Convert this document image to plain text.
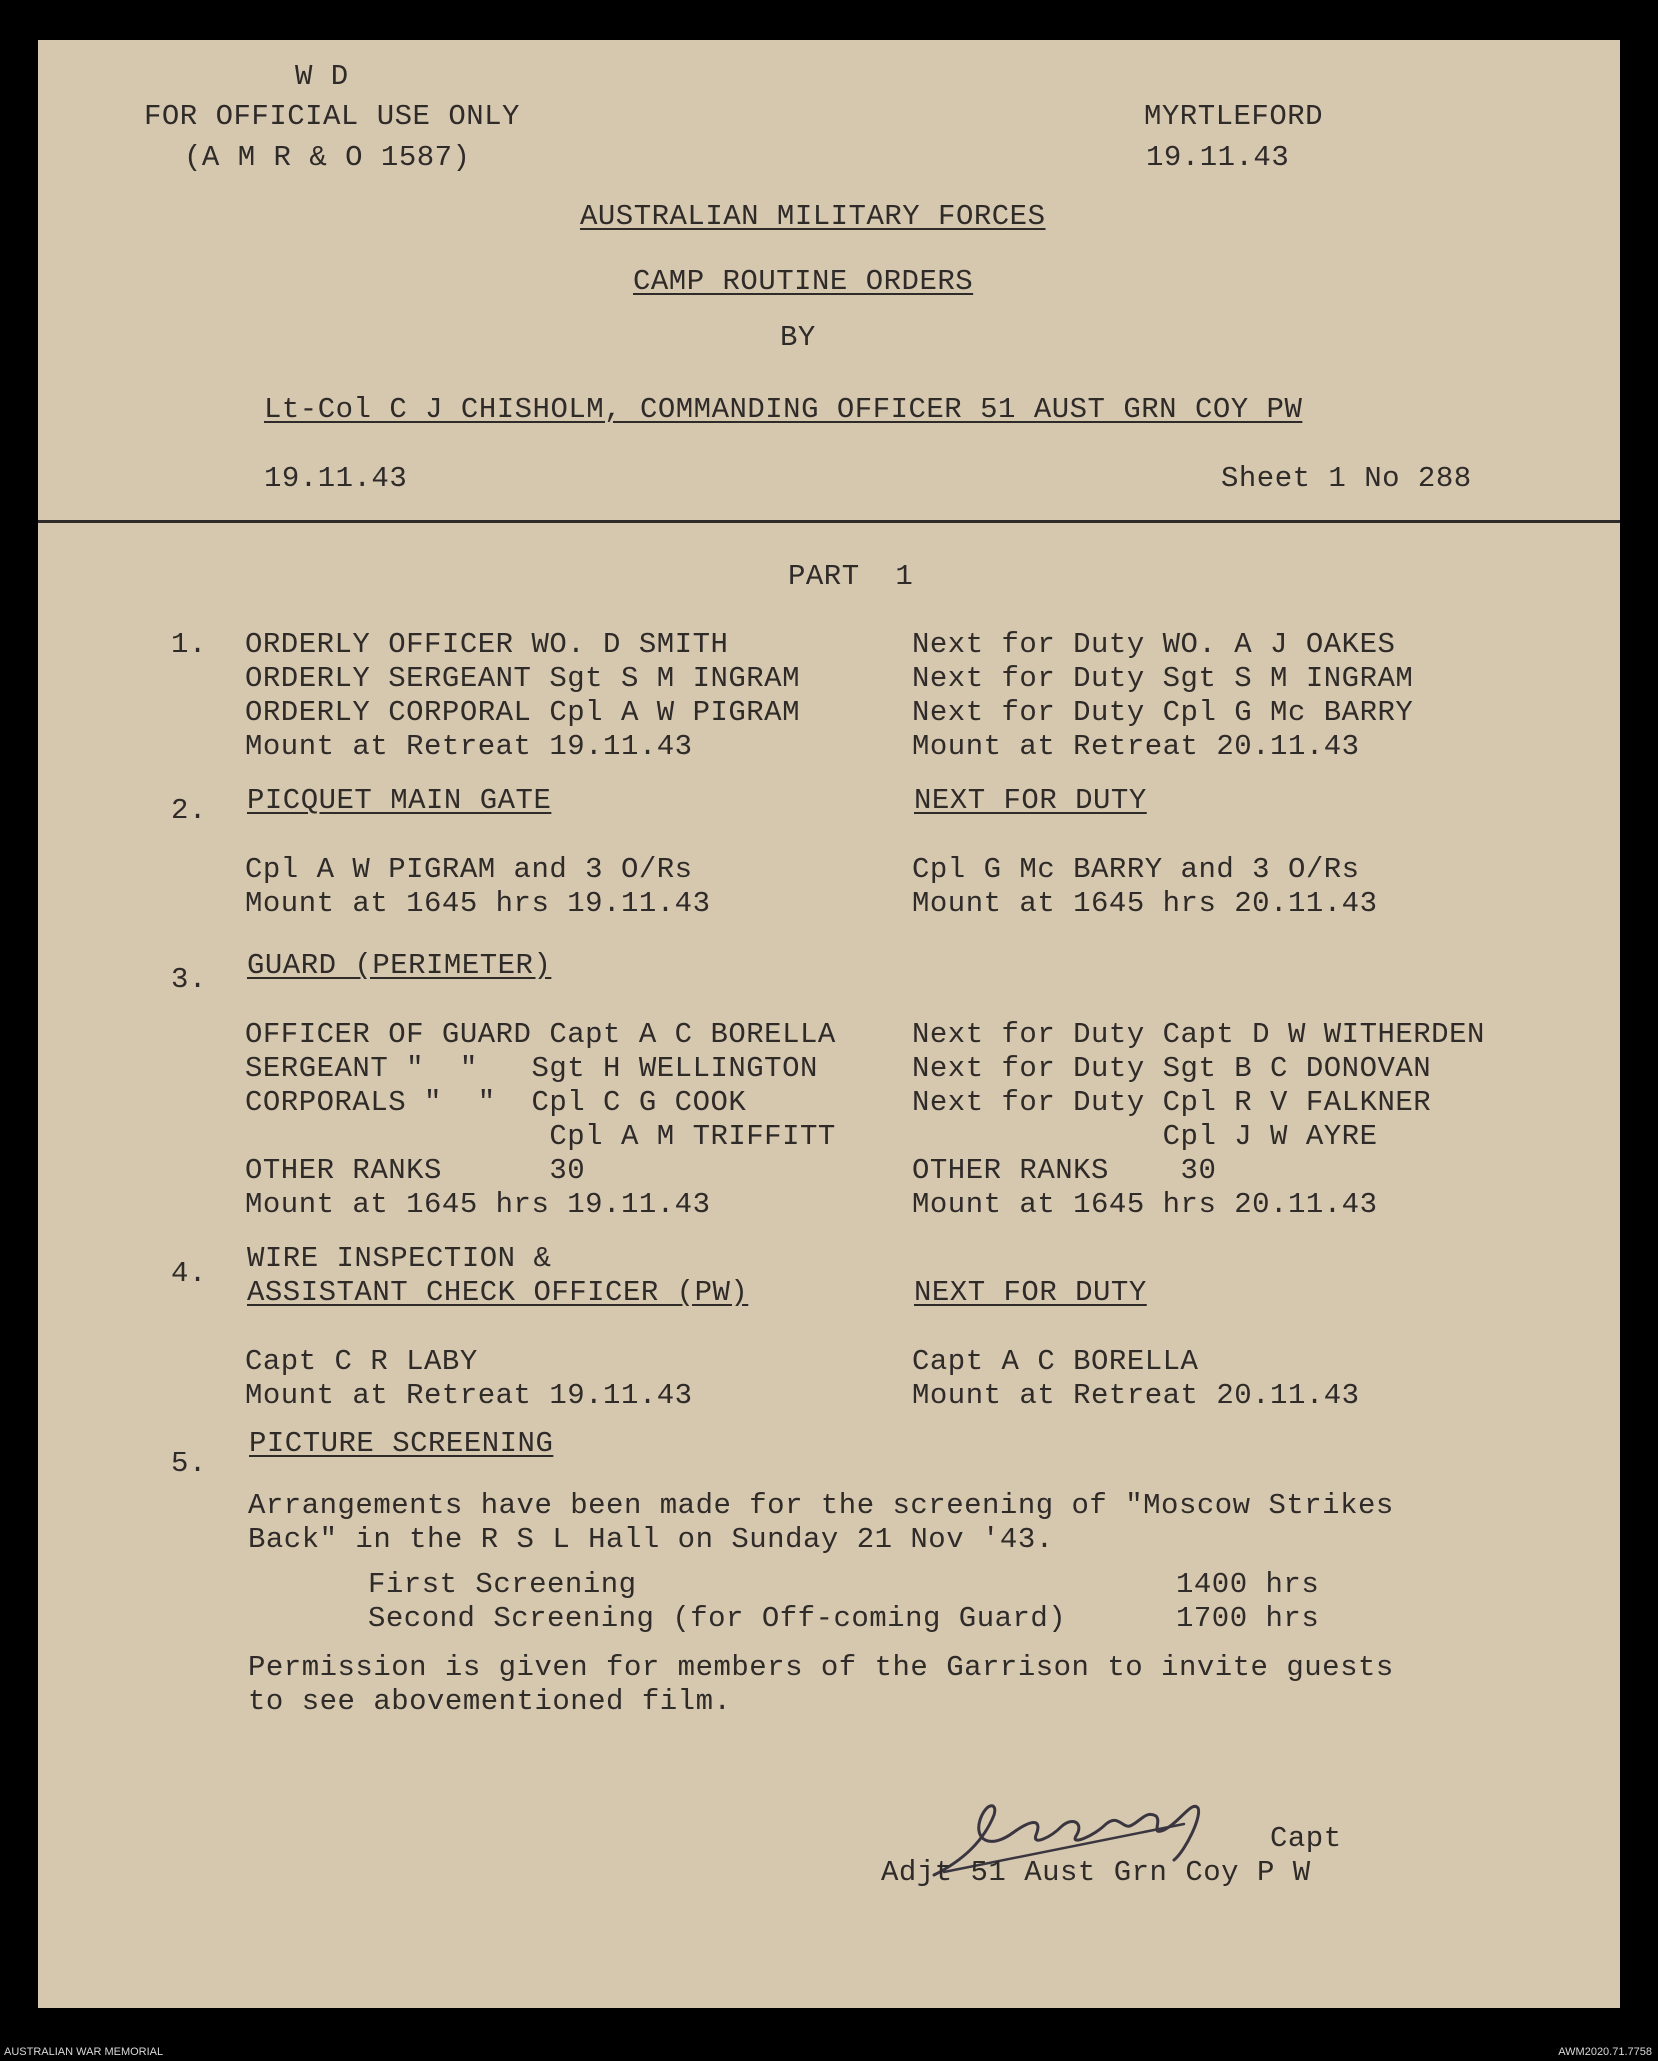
W D
FOR OFFICIAL USE ONLY
(A M R & O 1587)
MYRTLEFORD
19.11.43
AUSTRALIAN MILITARY FORCES
CAMP ROUTINE ORDERS
BY
Lt-Col C J CHISHOLM, COMMANDING OFFICER 51 AUST GRN COY PW
19.11.43	Sheet 1 No 288
PART  1
1. ORDERLY OFFICER WO. D SMITH	Next for Duty WO. A J OAKES
ORDERLY SERGEANT Sgt S M INGRAM	Next for Duty Sgt S M INGRAM
ORDERLY CORPORAL Cpl A W PIGRAM	Next for Duty Cpl G Mc BARRY
Mount at Retreat 19.11.43	Mount at Retreat 20.11.43
2. PICQUET MAIN GATE	NEXT FOR DUTY
Cpl A W PIGRAM and 3 O/Rs	Cpl G Mc BARRY and 3 O/Rs
Mount at 1645 hrs 19.11.43	Mount at 1645 hrs 20.11.43
3. GUARD (PERIMETER)
OFFICER OF GUARD Capt A C BORELLA	Next for Duty Capt D W WITHERDEN
SERGEANT "  "   Sgt H WELLINGTON	Next for Duty Sgt B C DONOVAN
CORPORALS "  "  Cpl C G COOK	Next for Duty Cpl R V FALKNER
Cpl A M TRIFFITT	Cpl J W AYRE
OTHER RANKS      30	OTHER RANKS    30
Mount at 1645 hrs 19.11.43	Mount at 1645 hrs 20.11.43
4. WIRE INSPECTION &
ASSISTANT CHECK OFFICER (PW)	NEXT FOR DUTY
Capt C R LABY	Capt A C BORELLA
Mount at Retreat 19.11.43	Mount at Retreat 20.11.43
5.
PICTURE SCREENING
Arrangements have been made for the screening of "Moscow Strikes
Back" in the R S L Hall on Sunday 21 Nov '43.
First Screening	1400 hrs
Second Screening (for Off-coming Guard)	1700 hrs
Permission is given for members of the Garrison to invite guests
to see abovementioned film.
Capt
Adjt 51 Aust Grn Coy P W
AUSTRALIAN WAR MEMORIAL	AWM2020.71.7758
